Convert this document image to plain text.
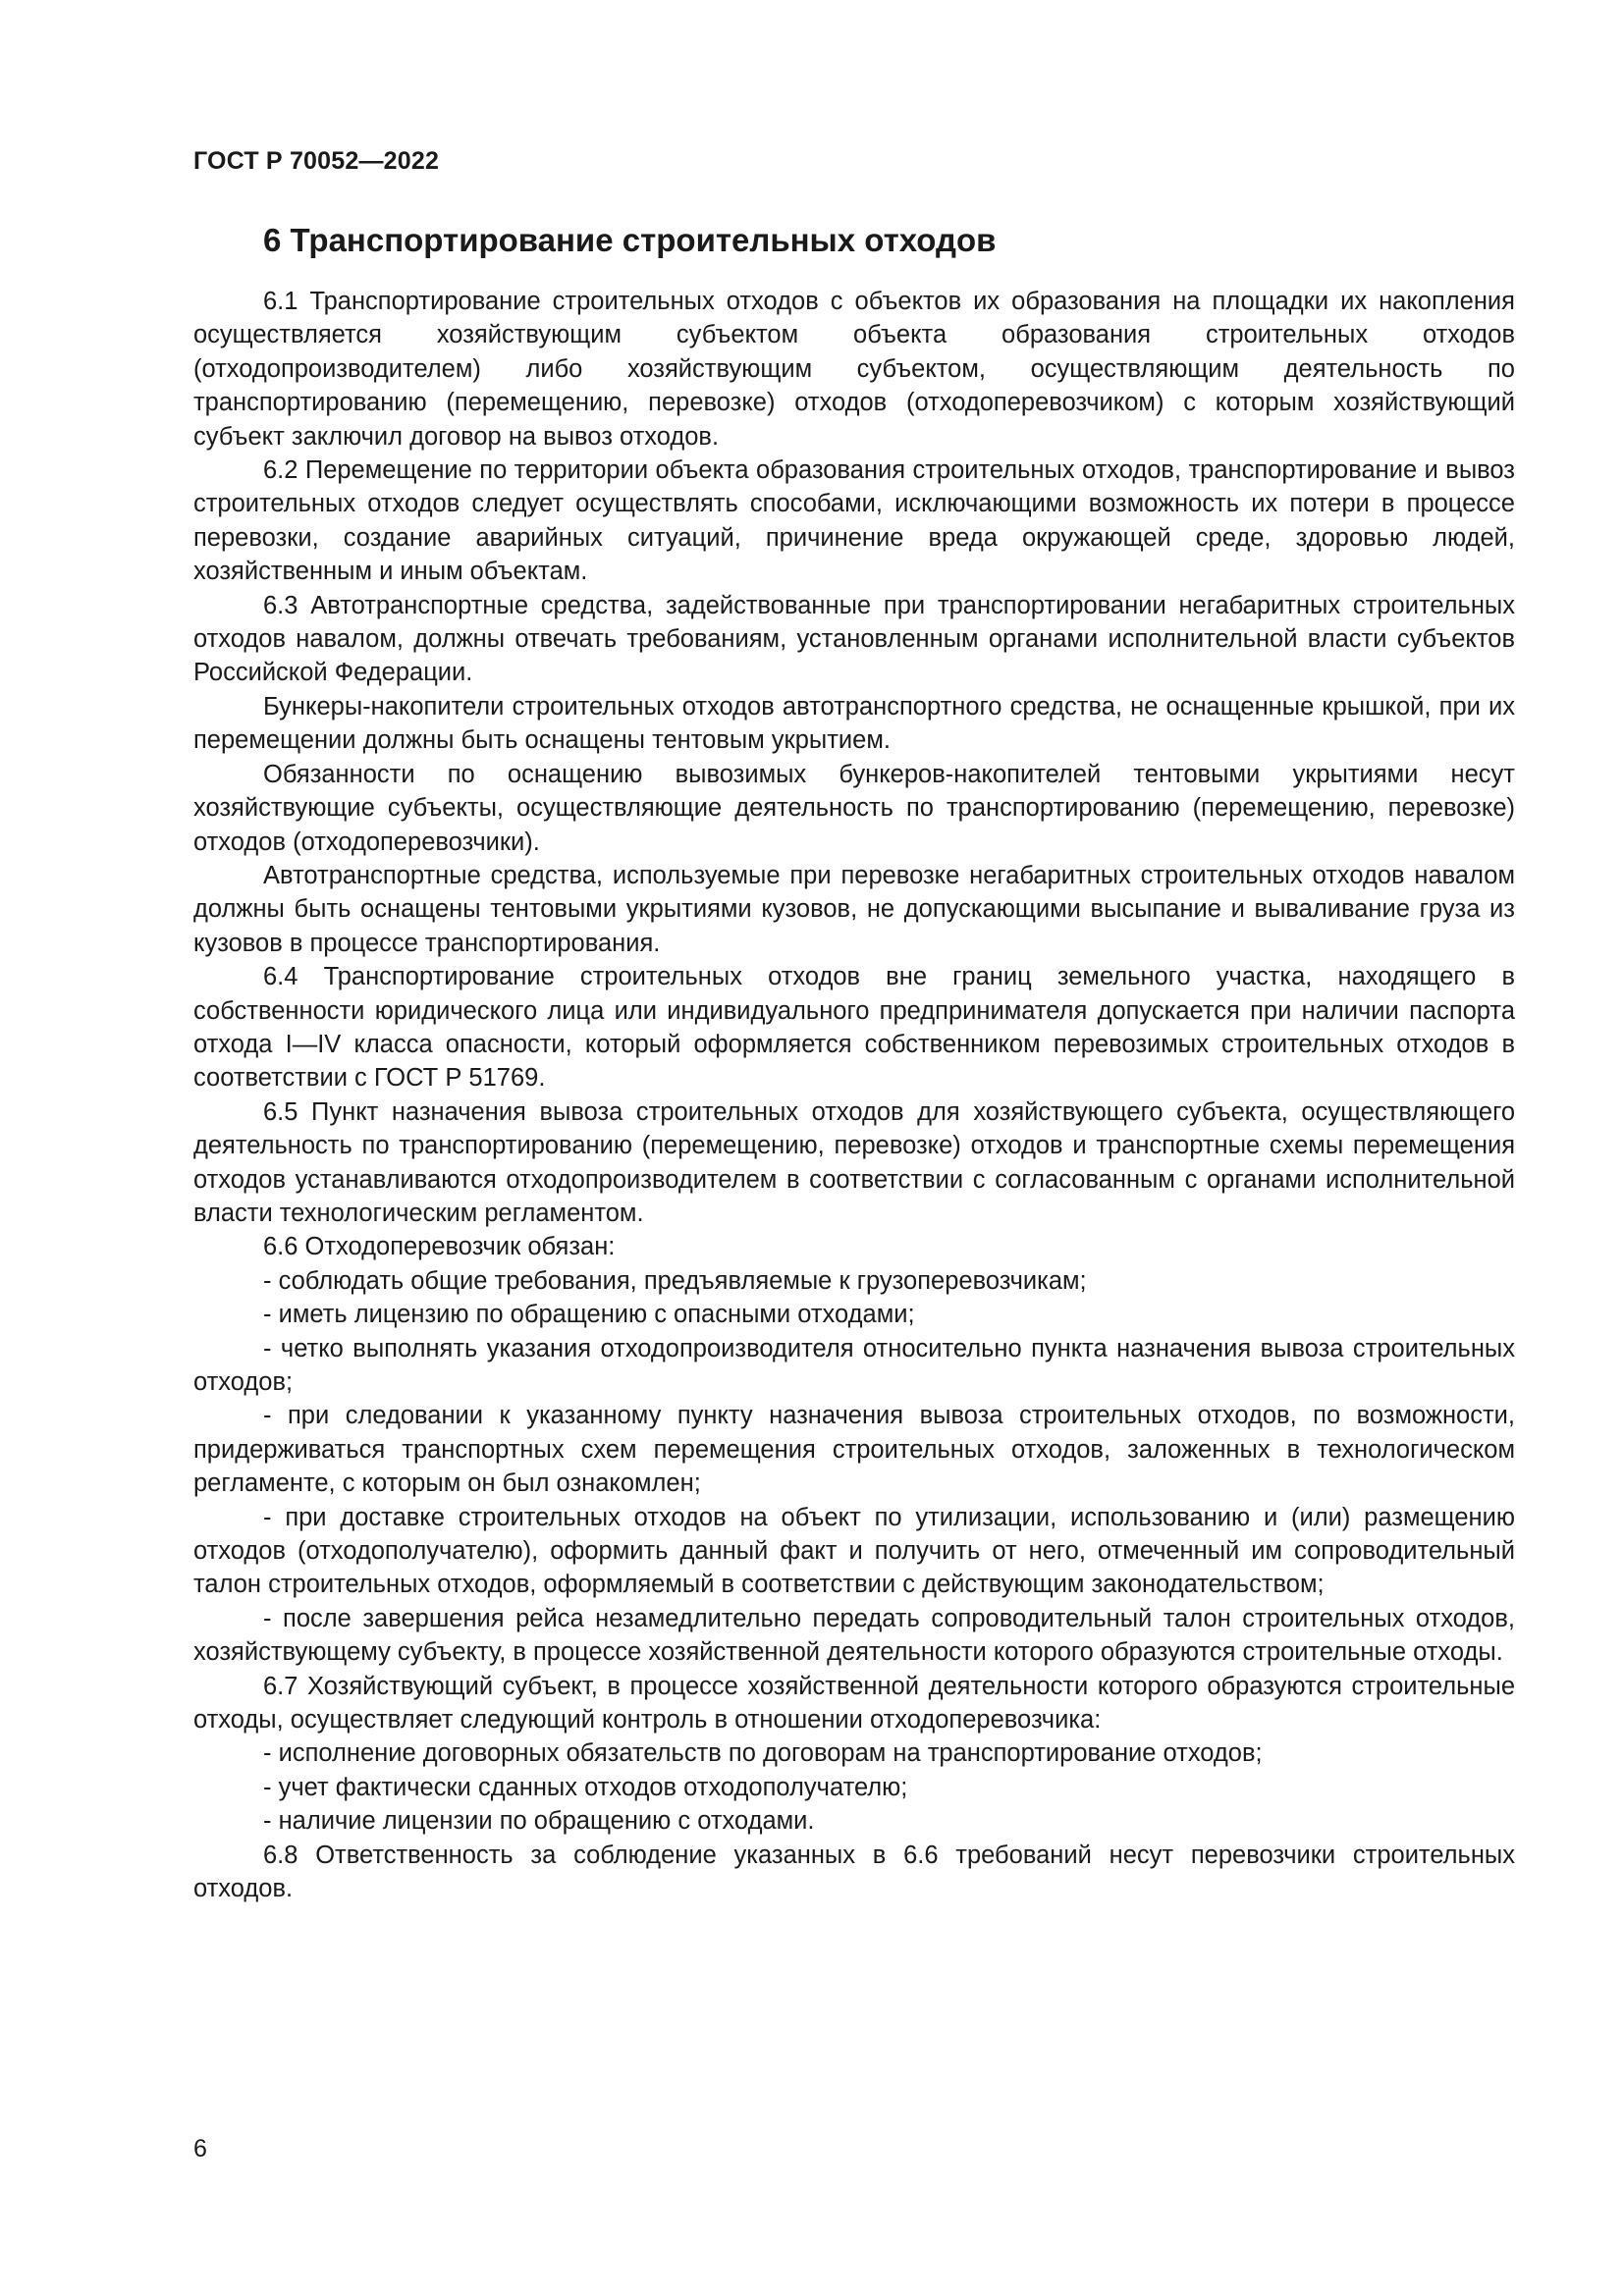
ГОСТ Р 70052—2022
6 Транспортирование строительных отходов

6.1 Транспортирование строительных отходов с объектов их образования на площадки их накопления осуществляется хозяйствующим субъектом объекта образования строительных отходов (отходопроизводителем) либо хозяйствующим субъектом, осуществляющим деятельность по транспортированию (перемещению, перевозке) отходов (отходоперевозчиком) с которым хозяйствующий субъект заключил договор на вывоз отходов.

6.2 Перемещение по территории объекта образования строительных отходов, транспортирование и вывоз строительных отходов следует осуществлять способами, исключающими возможность их потери в процессе перевозки, создание аварийных ситуаций, причинение вреда окружающей среде, здоровью людей, хозяйственным и иным объектам.

6.3 Автотранспортные средства, задействованные при транспортировании негабаритных строительных отходов навалом, должны отвечать требованиям, установленным органами исполнительной власти субъектов Российской Федерации.

Бункеры-накопители строительных отходов автотранспортного средства, не оснащенные крышкой, при их перемещении должны быть оснащены тентовым укрытием.

Обязанности по оснащению вывозимых бункеров-накопителей тентовыми укрытиями несут хозяйствующие субъекты, осуществляющие деятельность по транспортированию (перемещению, перевозке) отходов (отходоперевозчики).

Автотранспортные средства, используемые при перевозке негабаритных строительных отходов навалом должны быть оснащены тентовыми укрытиями кузовов, не допускающими высыпание и вываливание груза из кузовов в процессе транспортирования.

6.4 Транспортирование строительных отходов вне границ земельного участка, находящего в собственности юридического лица или индивидуального предпринимателя допускается при наличии паспорта отхода I—IV класса опасности, который оформляется собственником перевозимых строительных отходов в соответствии с ГОСТ Р 51769.

6.5 Пункт назначения вывоза строительных отходов для хозяйствующего субъекта, осуществляющего деятельность по транспортированию (перемещению, перевозке) отходов и транспортные схемы перемещения отходов устанавливаются отходопроизводителем в соответствии с согласованным с органами исполнительной власти технологическим регламентом.

6.6 Отходоперевозчик обязан:

- соблюдать общие требования, предъявляемые к грузоперевозчикам;

- иметь лицензию по обращению с опасными отходами;

- четко выполнять указания отходопроизводителя относительно пункта назначения вывоза строительных отходов;

- при следовании к указанному пункту назначения вывоза строительных отходов, по возможности, придерживаться транспортных схем перемещения строительных отходов, заложенных в технологическом регламенте, с которым он был ознакомлен;

- при доставке строительных отходов на объект по утилизации, использованию и (или) размещению отходов (отходополучателю), оформить данный факт и получить от него, отмеченный им сопроводительный талон строительных отходов, оформляемый в соответствии с действующим законодательством;

- после завершения рейса незамедлительно передать сопроводительный талон строительных отходов, хозяйствующему субъекту, в процессе хозяйственной деятельности которого образуются строительные отходы.

6.7 Хозяйствующий субъект, в процессе хозяйственной деятельности которого образуются строительные отходы, осуществляет следующий контроль в отношении отходоперевозчика:

- исполнение договорных обязательств по договорам на транспортирование отходов;

- учет фактически сданных отходов отходополучателю;

- наличие лицензии по обращению с отходами.

6.8 Ответственность за соблюдение указанных в 6.6 требований несут перевозчики строительных отходов.

6
